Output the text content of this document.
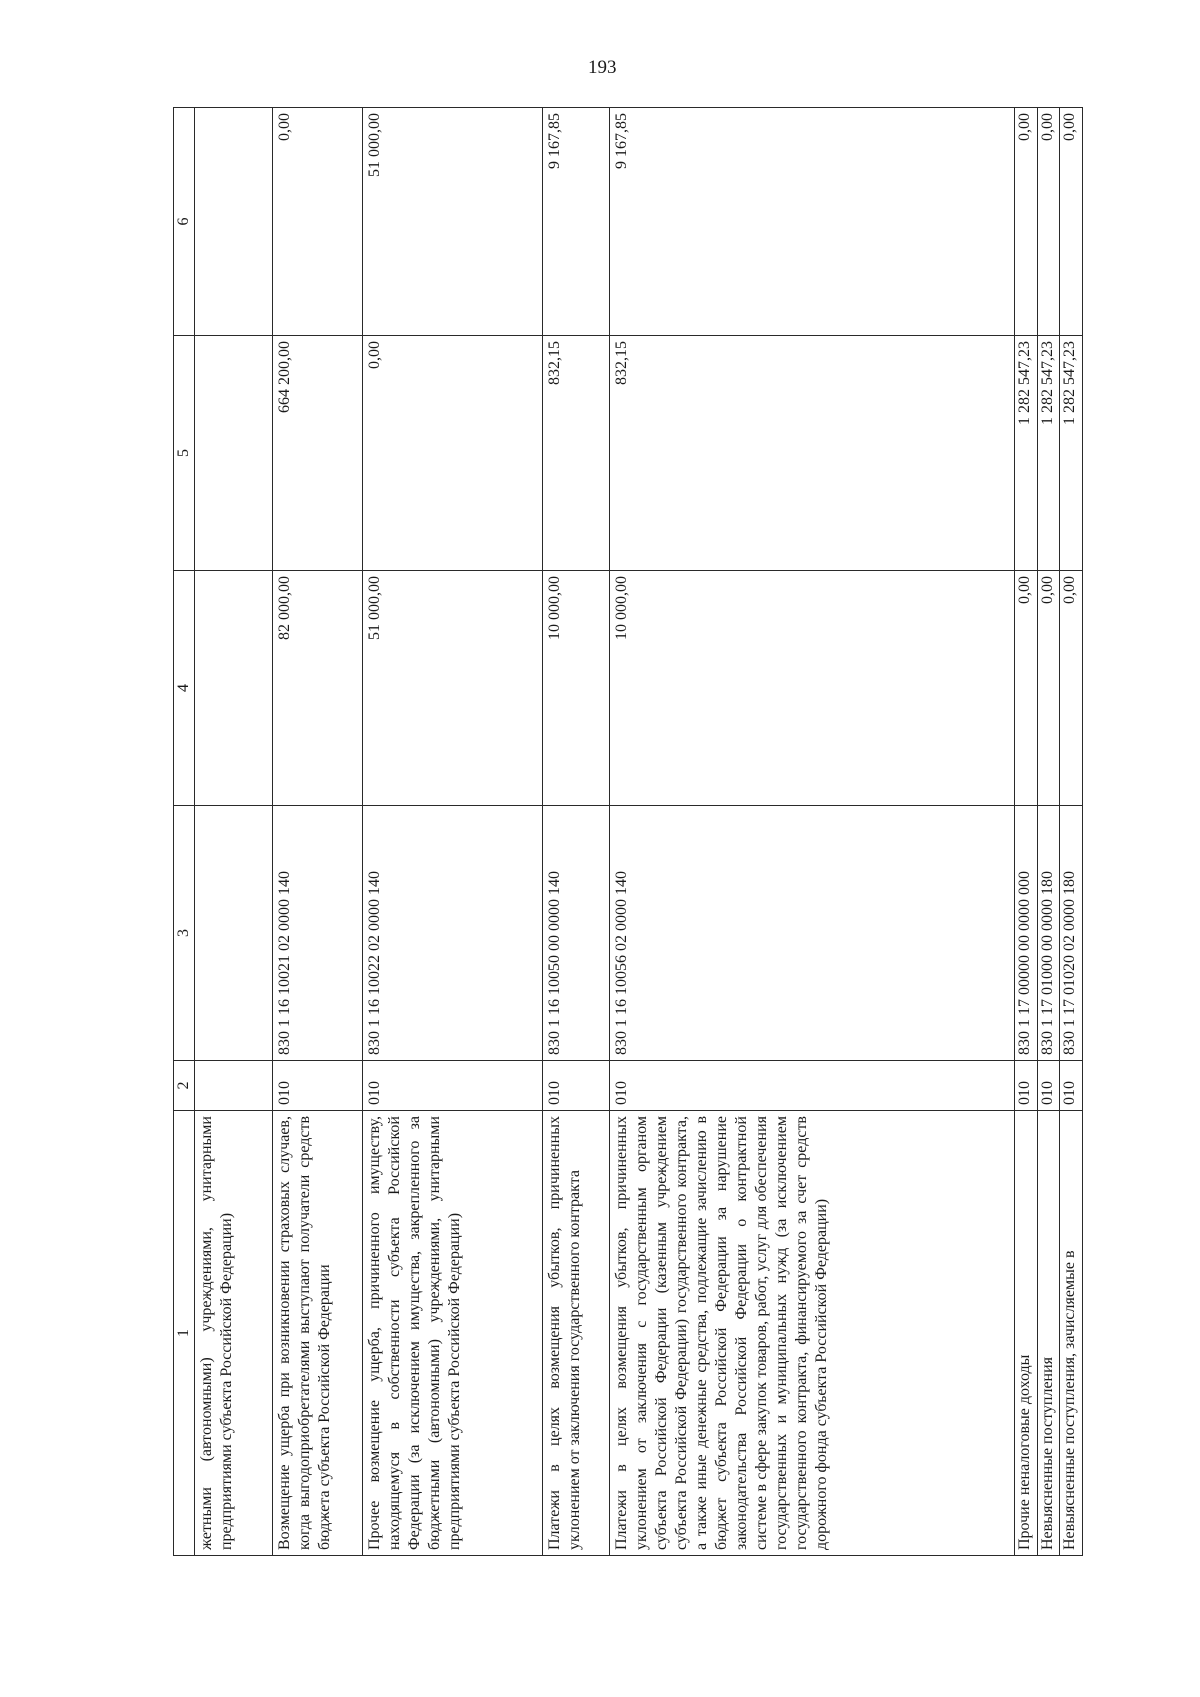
193
1	2	3	4	5	6
жетными (автономными) учреждениями, унитарными предприятиями субъекта Российской Федерации)					
Возмещение ущерба при возникновении страховых случаев, когда выгодоприобретателями выступают получатели средств бюджета субъекта Российской Федерации	010	830 1 16 10021 02 0000 140	82 000,00	664 200,00	0,00
Прочее возмещение ущерба, причиненного имуществу, находящемуся в собственности субъекта Российской Федерации (за исключением имущества, закрепленного за бюджетными (автономными) учреждениями, унитарными предприятиями субъекта Российской Федерации)	010	830 1 16 10022 02 0000 140	51 000,00	0,00	51 000,00
Платежи в целях возмещения убытков, причиненных уклонением от заключения государственного контракта	010	830 1 16 10050 00 0000 140	10 000,00	832,15	9 167,85
Платежи в целях возмещения убытков, причиненных уклонением от заключения с государственным органом субъекта Российской Федерации (казенным учреждением субъекта Российской Федерации) государственного контракта, а также иные денежные средства, подлежащие зачислению в бюджет субъекта Российской Федерации за нарушение законодательства Российской Федерации о контрактной системе в сфере закупок товаров, работ, услуг для обеспечения государственных и муниципальных нужд (за исключением государственного контракта, финансируемого за счет средств дорожного фонда субъекта Российской Федерации)	010	830 1 16 10056 02 0000 140	10 000,00	832,15	9 167,85
Прочие неналоговые доходы	010	830 1 17 00000 00 0000 000	0,00	1 282 547,23	0,00
Невыясненные поступления	010	830 1 17 01000 00 0000 180	0,00	1 282 547,23	0,00
Невыясненные поступления, зачисляемые в	010	830 1 17 01020 02 0000 180	0,00	1 282 547,23	0,00
